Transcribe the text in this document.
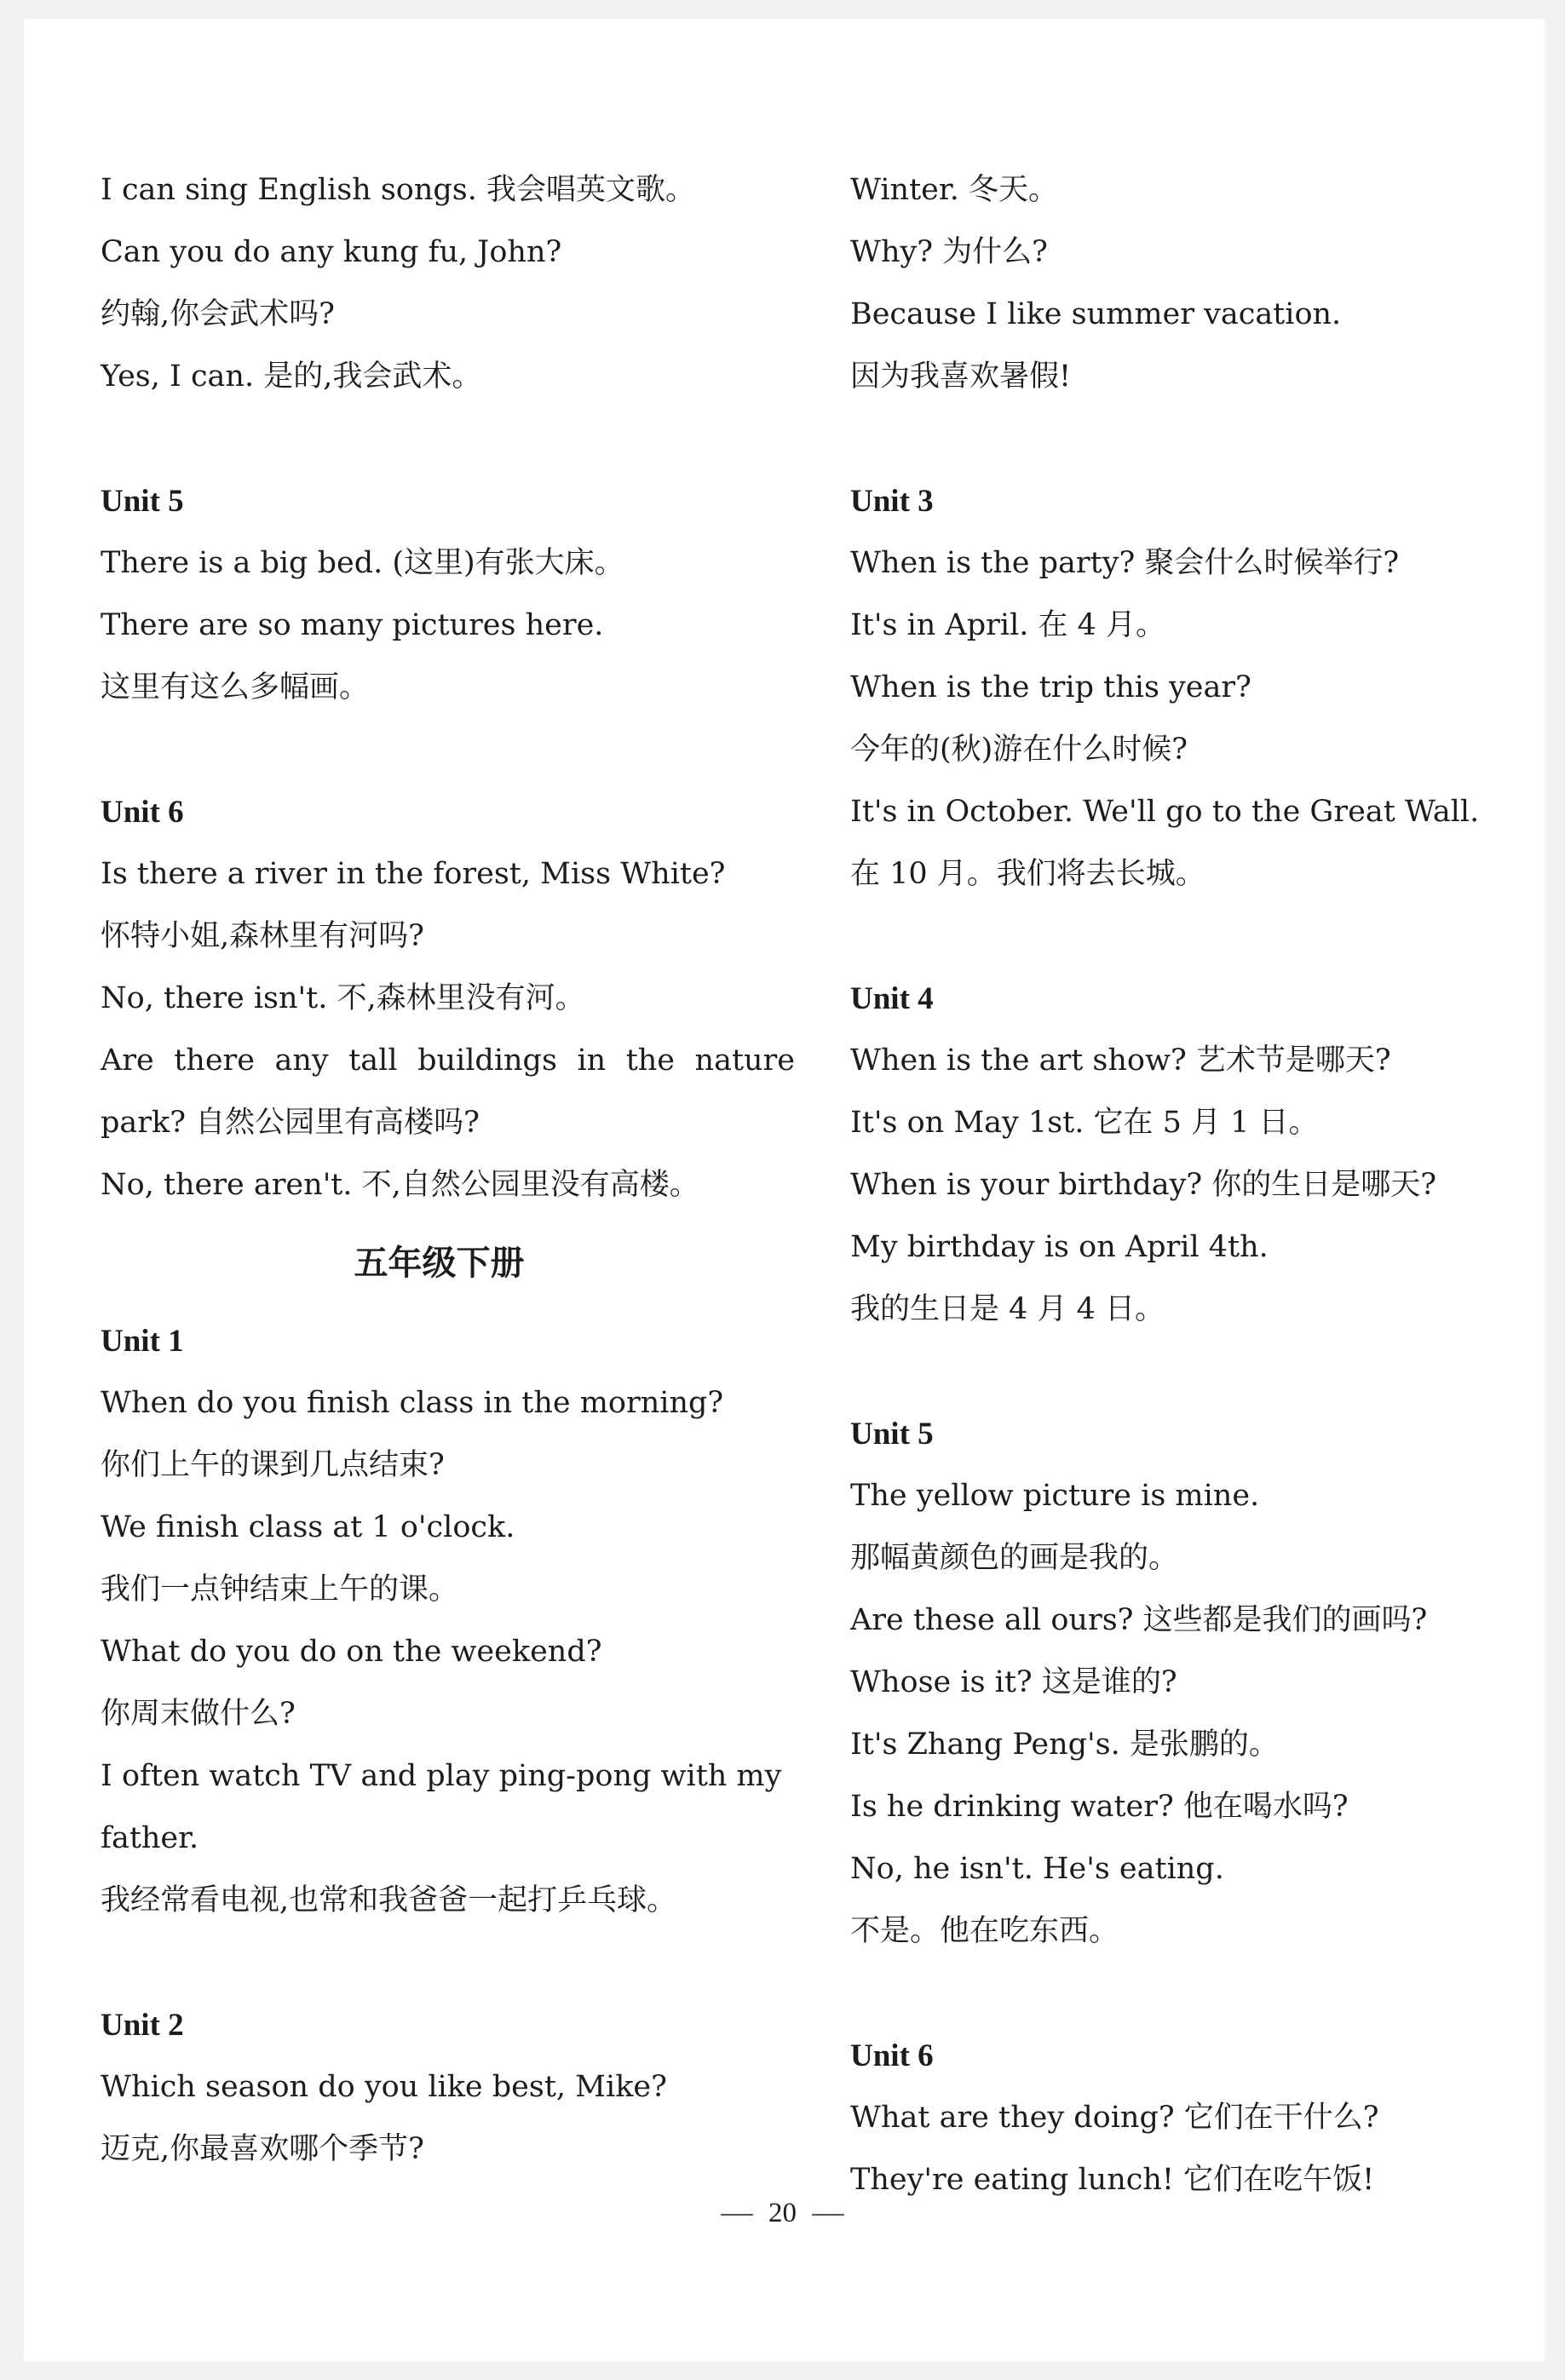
I can sing English songs. 我会唱英文歌。

Can you do any kung fu, John?

约翰,你会武术吗?

Yes, I can. 是的,我会武术。

Unit 5

There is a big bed. (这里)有张大床。

There are so many pictures here.

这里有这么多幅画。

Unit 6

Is there a river in the forest, Miss White?

怀特小姐,森林里有河吗?

No, there isn't. 不,森林里没有河。

Are there any tall buildings in the nature

park? 自然公园里有高楼吗?

No, there aren't. 不,自然公园里没有高楼。

五年级下册

Unit 1

When do you finish class in the morning?

你们上午的课到几点结束?

We finish class at 1 o'clock.

我们一点钟结束上午的课。

What do you do on the weekend?

你周末做什么?

I often watch TV and play ping-pong with my

father.

我经常看电视,也常和我爸爸一起打乒乓球。

Unit 2

Which season do you like best, Mike?

迈克,你最喜欢哪个季节?

Winter. 冬天。

Why? 为什么?

Because I like summer vacation.

因为我喜欢暑假!

Unit 3

When is the party? 聚会什么时候举行?

It's in April. 在 4 月。

When is the trip this year?

今年的(秋)游在什么时候?

It's in October. We'll go to the Great Wall.

在 10 月。我们将去长城。

Unit 4

When is the art show? 艺术节是哪天?

It's on May 1st. 它在 5 月 1 日。

When is your birthday? 你的生日是哪天?

My birthday is on April 4th.

我的生日是 4 月 4 日。

Unit 5

The yellow picture is mine.

那幅黄颜色的画是我的。

Are these all ours? 这些都是我们的画吗?

Whose is it? 这是谁的?

It's Zhang Peng's. 是张鹏的。

Is he drinking water? 他在喝水吗?

No, he isn't. He's eating.

不是。他在吃东西。

Unit 6

What are they doing? 它们在干什么?

They're eating lunch! 它们在吃午饭!

20
